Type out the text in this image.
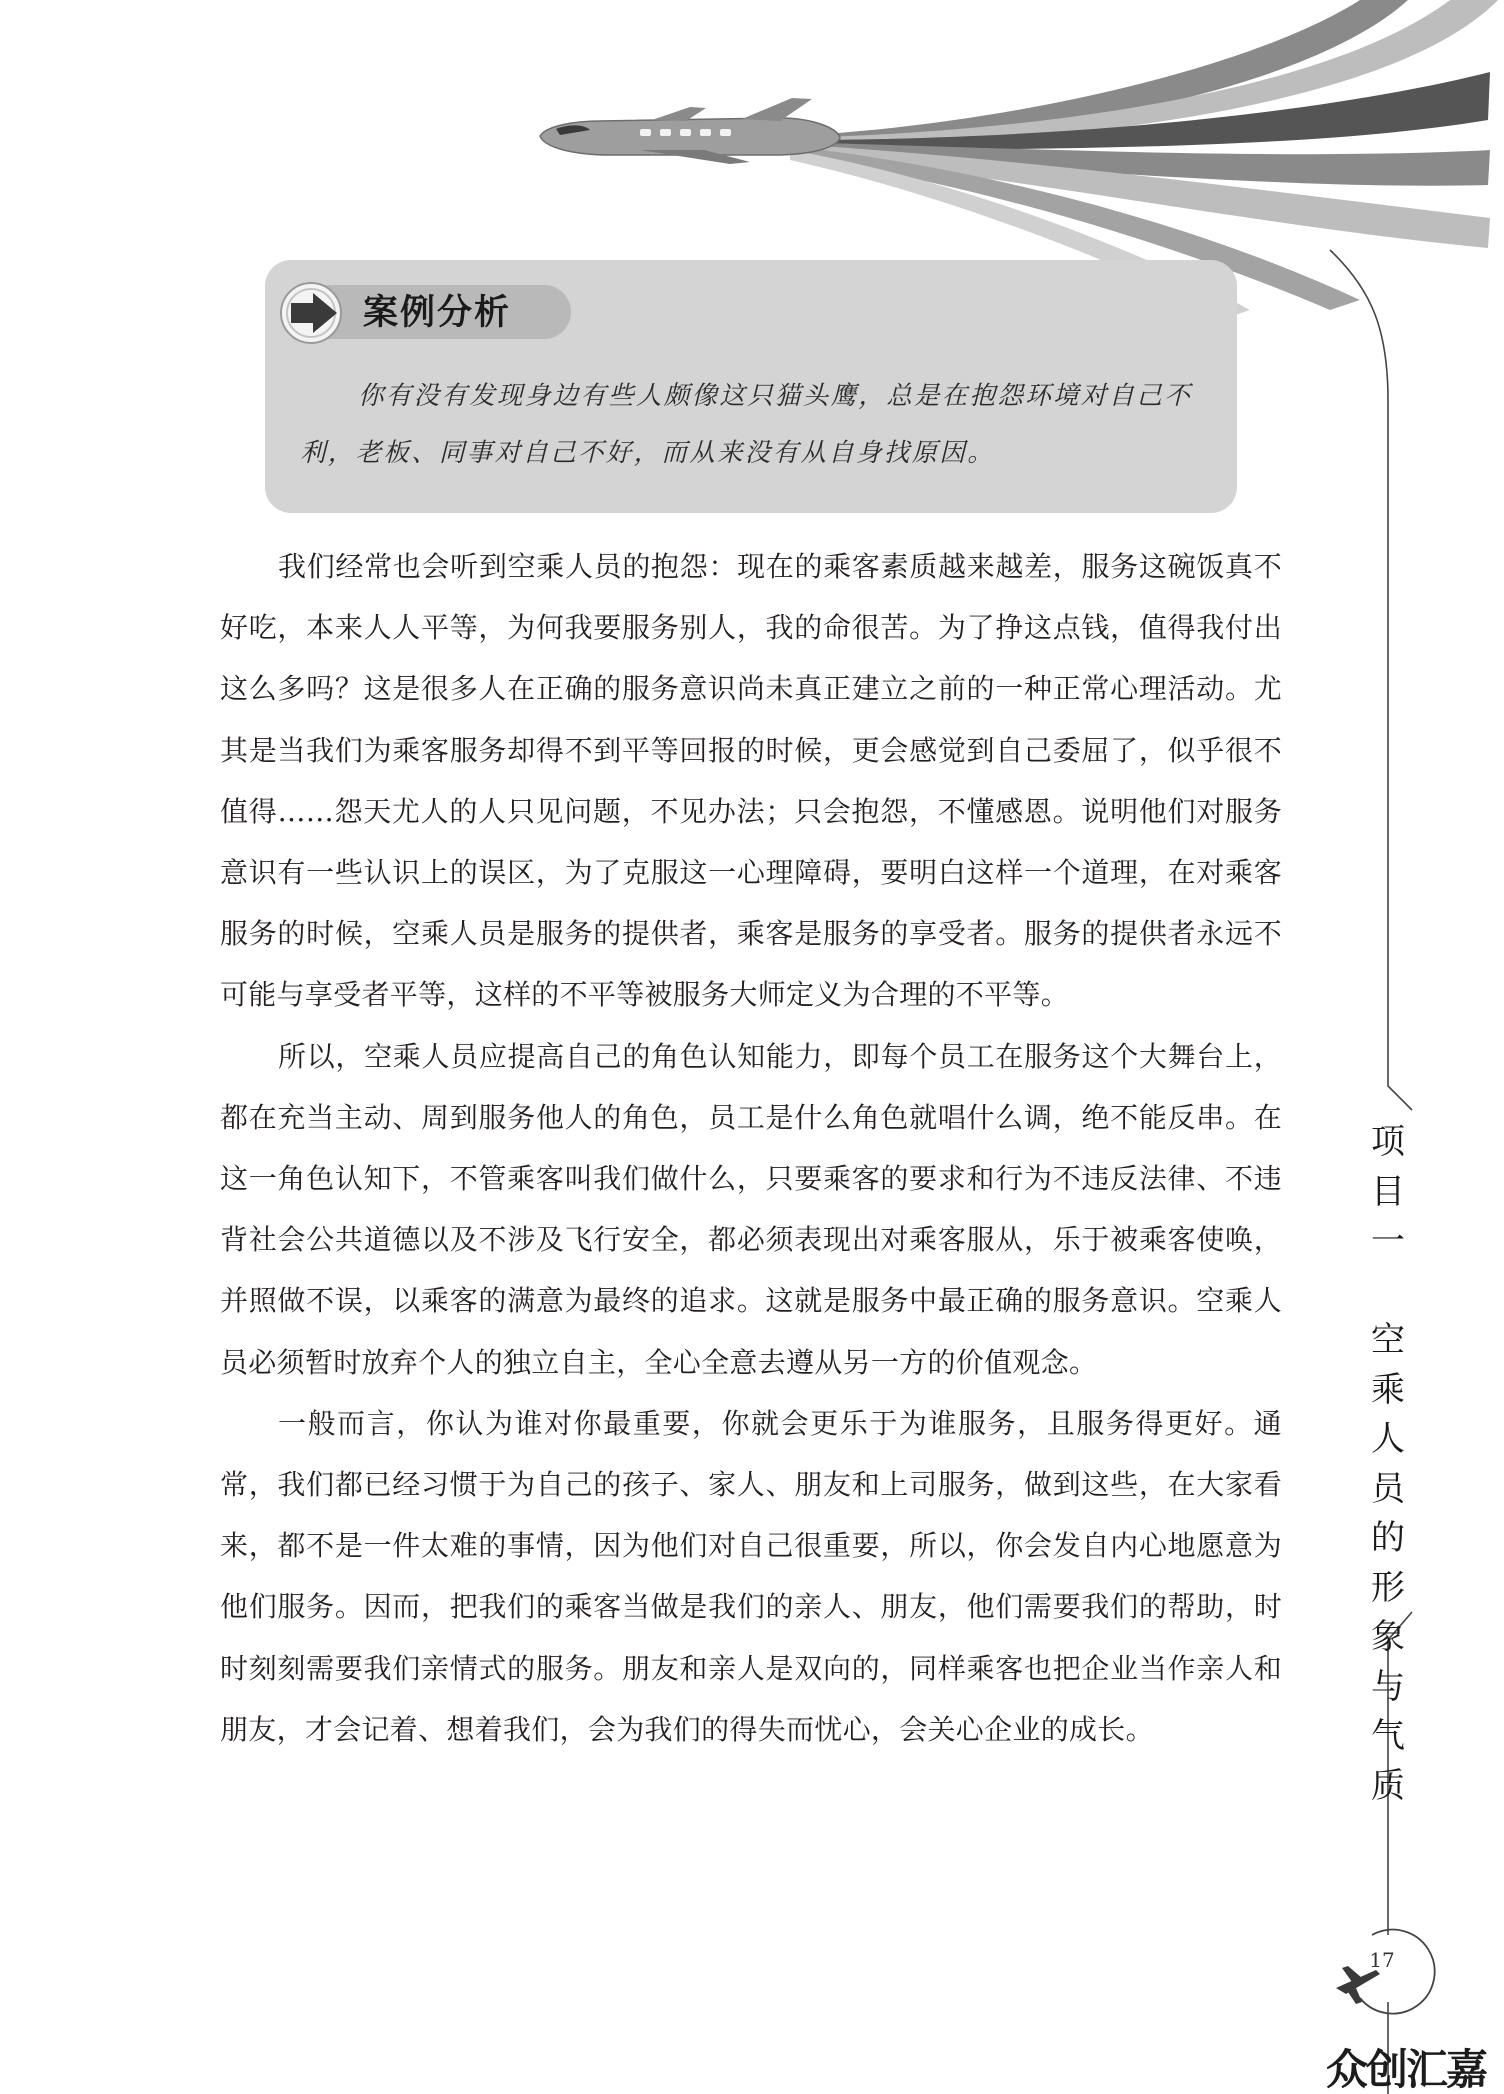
案例分析

你有没有发现身边有些人颇像这只猫头鹰，总是在抱怨环境对自己不利，老板、同事对自己不好，而从来没有从自身找原因。

我们经常也会听到空乘人员的抱怨：现在的乘客素质越来越差，服务这碗饭真不好吃，本来人人平等，为何我要服务别人，我的命很苦。为了挣这点钱，值得我付出这么多吗？这是很多人在正确的服务意识尚未真正建立之前的一种正常心理活动。尤其是当我们为乘客服务却得不到平等回报的时候，更会感觉到自己委屈了，似乎很不值得……怨天尤人的人只见问题，不见办法；只会抱怨，不懂感恩。说明他们对服务意识有一些认识上的误区，为了克服这一心理障碍，要明白这样一个道理，在对乘客服务的时候，空乘人员是服务的提供者，乘客是服务的享受者。服务的提供者永远不可能与享受者平等，这样的不平等被服务大师定义为合理的不平等。

所以，空乘人员应提高自己的角色认知能力，即每个员工在服务这个大舞台上，都在充当主动、周到服务他人的角色，员工是什么角色就唱什么调，绝不能反串。在这一角色认知下，不管乘客叫我们做什么，只要乘客的要求和行为不违反法律、不违背社会公共道德以及不涉及飞行安全，都必须表现出对乘客服从，乐于被乘客使唤，并照做不误，以乘客的满意为最终的追求。这就是服务中最正确的服务意识。空乘人员必须暂时放弃个人的独立自主，全心全意去遵从另一方的价值观念。

一般而言，你认为谁对你最重要，你就会更乐于为谁服务，且服务得更好。通常，我们都已经习惯于为自己的孩子、家人、朋友和上司服务，做到这些，在大家看来，都不是一件太难的事情，因为他们对自己很重要，所以，你会发自内心地愿意为他们服务。因而，把我们的乘客当做是我们的亲人、朋友，他们需要我们的帮助，时时刻刻需要我们亲情式的服务。朋友和亲人是双向的，同样乘客也把企业当作亲人和朋友，才会记着、想着我们，会为我们的得失而忧心，会关心企业的成长。

项
目
一

空
乘
人
员
的
形
象
与
气
质
17
众创汇嘉
